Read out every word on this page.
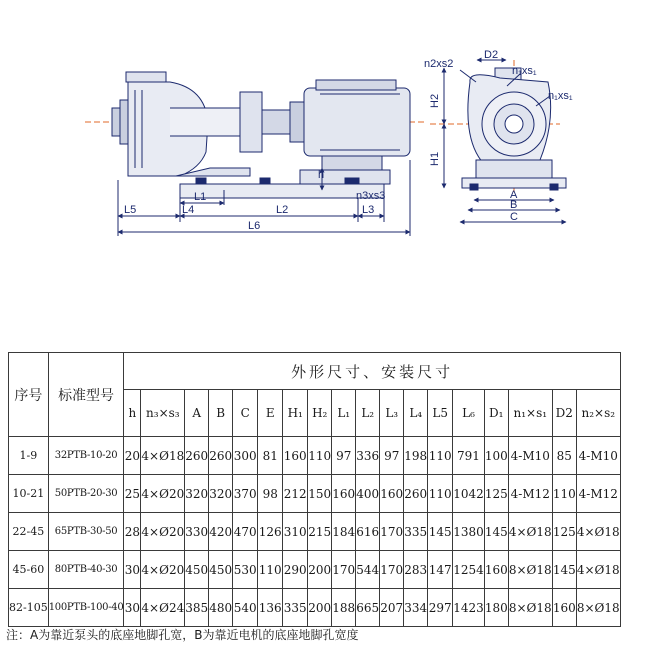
h
L1
L5	L4	L2
n3xs3
L3
L6
n2xs2
D2
n₁xs₁
n₁xs₁
H2
H1
A
B
C
序号	标准型号	外形尺寸、安装尺寸																	
		h	n₃×s₃	A	B	C	E	H₁	H₂	L₁	L₂	L₃	L₄	L5	L₆	D₁	n₁×s₁	D2	n₂×s₂
1-9	32PTB-10-20	20	4×Ø18	260	260	300	81	160	110	97	336	97	198	110	791	100	4-M10	85	4-M10
10-21	50PTB-20-30	25	4×Ø20	320	320	370	98	212	150	160	400	160	260	110	1042	125	4-M12	110	4-M12
22-45	65PTB-30-50	28	4×Ø20	330	420	470	126	310	215	184	616	170	335	145	1380	145	4×Ø18	125	4×Ø18
45-60	80PTB-40-30	30	4×Ø20	450	450	530	110	290	200	170	544	170	283	147	1254	160	8×Ø18	145	4×Ø18
82-105	100PTB-100-40	30	4×Ø24	385	480	540	136	335	200	188	665	207	334	297	1423	180	8×Ø18	160	8×Ø18
注：A为靠近泵头的底座地脚孔宽，B为靠近电机的底座地脚孔宽度
